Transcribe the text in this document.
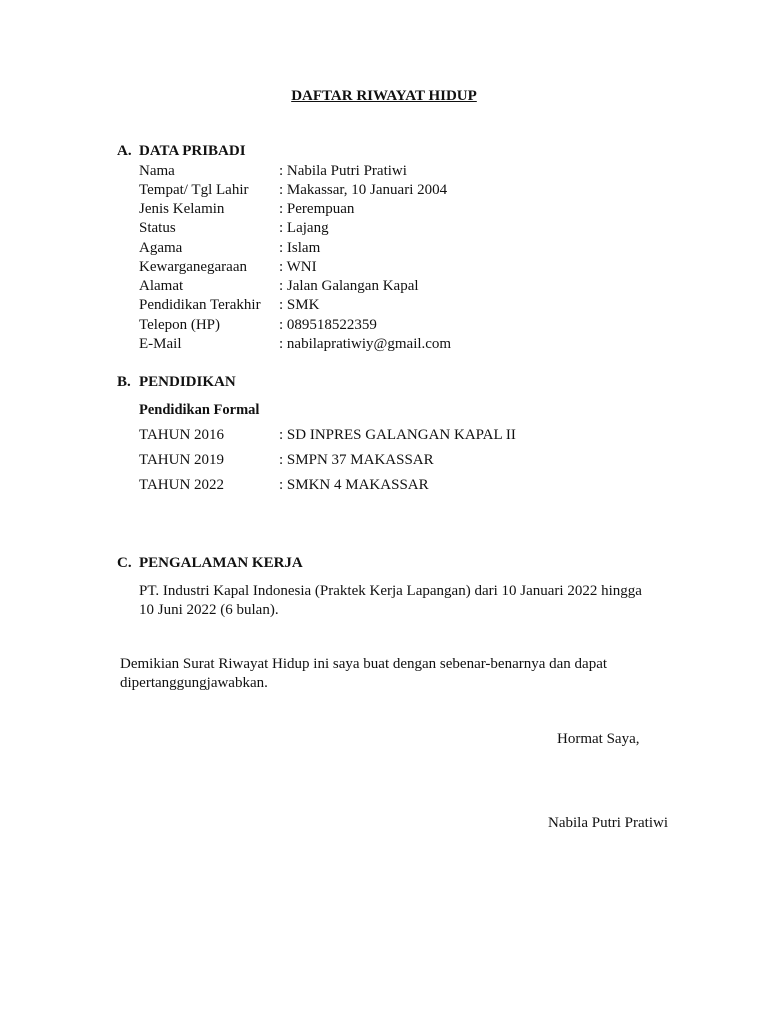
DAFTAR RIWAYAT HIDUP
A. DATA PRIBADI
Nama	: Nabila Putri Pratiwi
Tempat/ Tgl Lahir : Makassar, 10 Januari 2004
Jenis Kelamin	: Perempuan
Status	: Lajang
Agama	: Islam
Kewarganegaraan : WNI
Alamat	: Jalan Galangan Kapal
Pendidikan Terakhir : SMK
Telepon (HP)	: 089518522359
E-Mail	: nabilapratiwiy@gmail.com
B. PENDIDIKAN
Pendidikan Formal
TAHUN 2016	: SD INPRES GALANGAN KAPAL II
TAHUN 2019	: SMPN 37 MAKASSAR
TAHUN 2022	: SMKN 4 MAKASSAR
C. PENGALAMAN KERJA
PT. Industri Kapal Indonesia (Praktek Kerja Lapangan) dari 10 Januari 2022 hingga
10 Juni 2022 (6 bulan).
Demikian Surat Riwayat Hidup ini saya buat dengan sebenar-benarnya dan dapat
dipertanggungjawabkan.
Hormat Saya,
Nabila Putri Pratiwi
